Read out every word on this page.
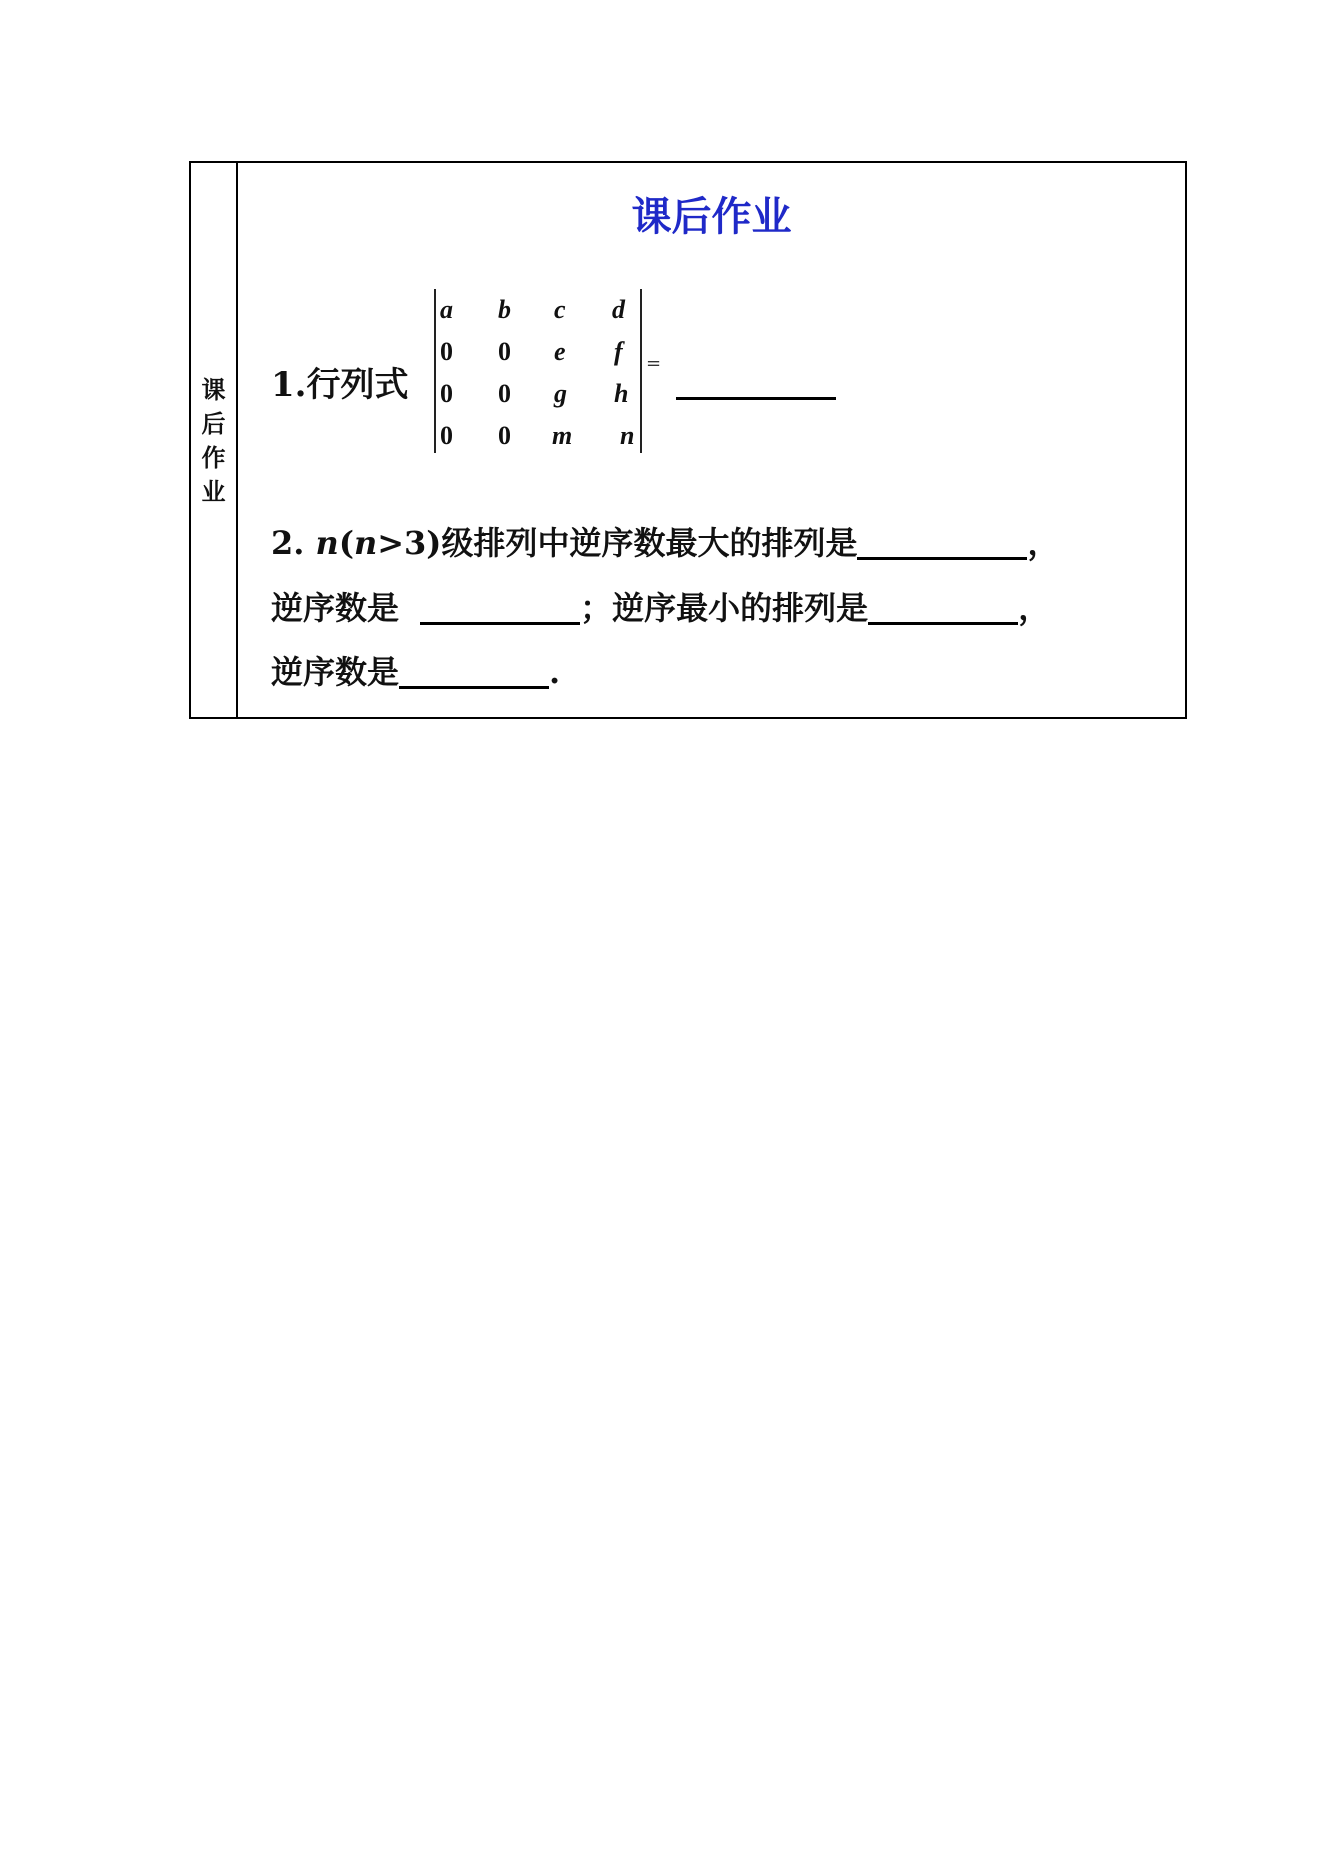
课
后
作
业
课后作业
1.行列式
a b c d
0 0 e f
0 0 g h
0 0 m n
=
2. n(n>3)级排列中逆序数最大的排列是	，
逆序数是	；逆序最小的排列是	，
逆序数是	.
